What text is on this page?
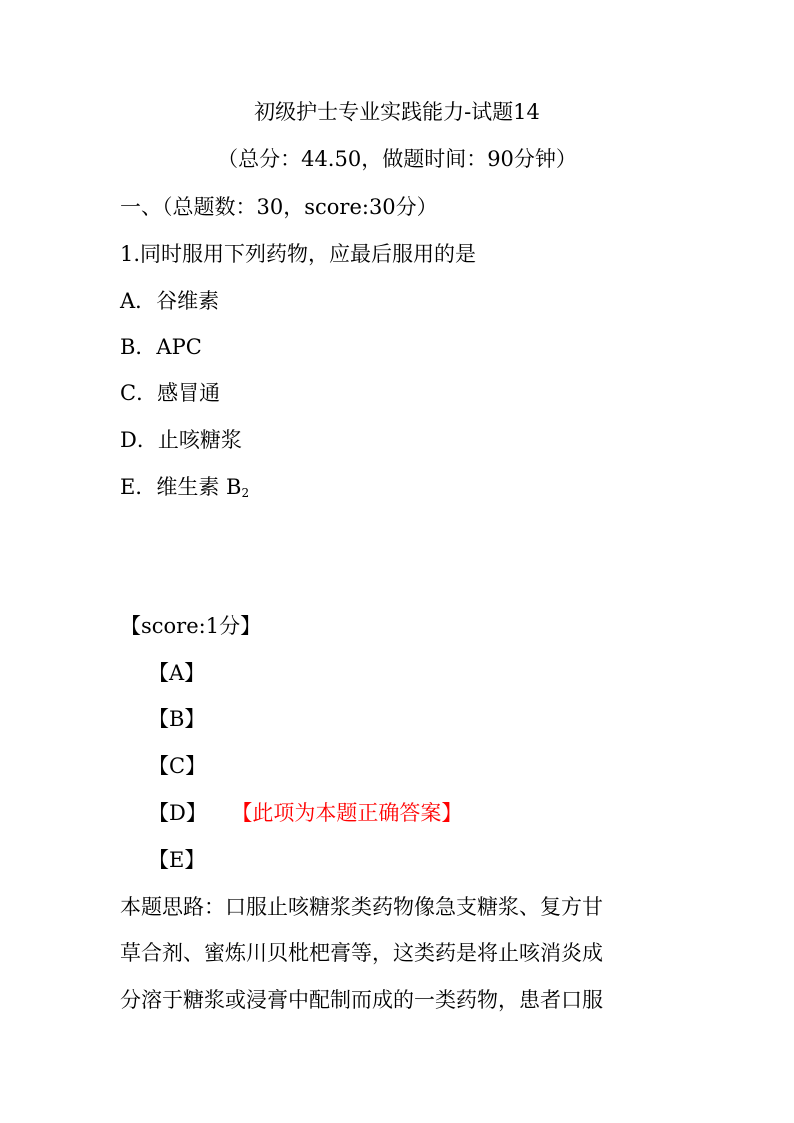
初级护士专业实践能力-试题14
（总分：44.50，做题时间：90分钟）
一、（总题数：30，score:30分）
1.同时服用下列药物，应最后服用的是
A．谷维素
B．APC
C．感冒通
D．止咳糖浆
E．维生素 $B_2$
【score:1分】
【A】
【B】
【C】
【D】 【此项为本题正确答案】
【E】
本题思路：口服止咳糖浆类药物像急支糖浆、复方甘
草合剂、蜜炼川贝枇杷膏等，这类药是将止咳消炎成
分溶于糖浆或浸膏中配制而成的一类药物，患者口服
